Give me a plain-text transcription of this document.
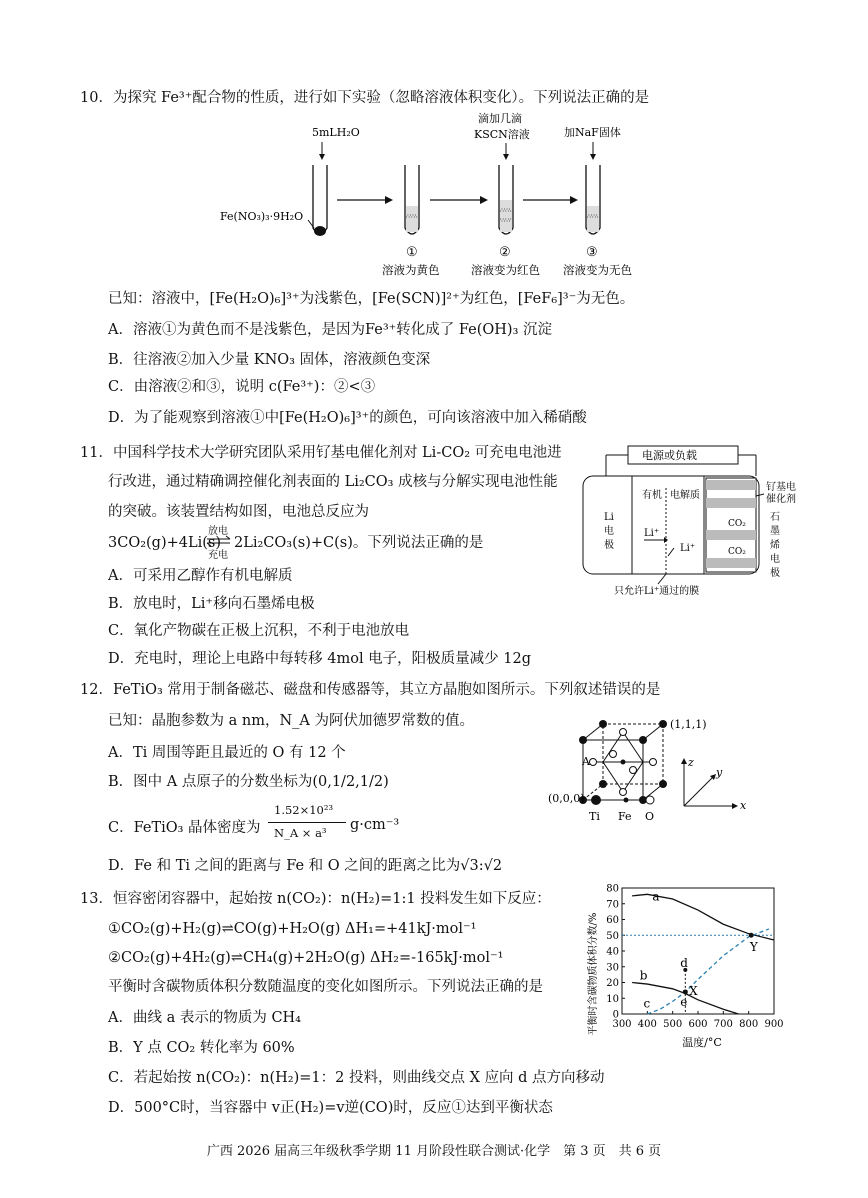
10．为探究 Fe³⁺配合物的性质，进行如下实验（忽略溶液体积变化）。下列说法正确的是
5mLH₂O
滴加几滴
KSCN溶液	加NaF固体
Fe(NO₃)₃·9H₂O	∴∵∴
∴∵∴
∵∴∵
∴∵∴
①	②	③
溶液为黄色	溶液变为红色 溶液变为无色
已知：溶液中，[Fe(H₂O)₆]³⁺为浅紫色，[Fe(SCN)]²⁺为红色，[FeF₆]³⁻为无色。
A．溶液①为黄色而不是浅紫色，是因为Fe³⁺转化成了 Fe(OH)₃ 沉淀
B．往溶液②加入少量 KNO₃ 固体，溶液颜色变深
C．由溶液②和③，说明 c(Fe³⁺)：②<③
D．为了能观察到溶液①中[Fe(H₂O)₆]³⁺的颜色，可向该溶液中加入稀硝酸
11．中国科学技术大学研究团队采用钌基电催化剂对 Li-CO₂ 可充电电池进
行改进，通过精确调控催化剂表面的 Li₂CO₃ 成核与分解实现电池性能
的突破。该装置结构如图，电池总反应为
3CO₂(g)+4Li(s)
放电
充电
2Li₂CO₃(s)+C(s)。下列说法正确的是
A．可采用乙醇作有机电解质
B．放电时，Li⁺移向石墨烯电极
C．氧化产物碳在正极上沉积，不利于电池放电
D．充电时，理论上电路中每转移 4mol 电子，阳极质量减少 12g
电源或负载
Li
电
极
有机 电解质
Li⁺
Li⁺
CO₂
CO₂
钌基电
催化剂
石
墨
烯
电
极
只允许Li⁺通过的膜
12．FeTiO₃ 常用于制备磁芯、磁盘和传感器等，其立方晶胞如图所示。下列叙述错误的是
已知：晶胞参数为 a nm，N_A 为阿伏加德罗常数的值。
A．Ti 周围等距且最近的 O 有 12 个
B．图中 A 点原子的分数坐标为(0,1/2,1/2)
C．FeTiO₃ 晶体密度为
1.52×10²³
N_A × a³ g·cm⁻³
D．Fe 和 Ti 之间的距离与 Fe 和 O 之间的距离之比为√3:√2
(1,1,1)
(0,0,0)
A
x
z
y
Ti Fe O
13．恒容密闭容器中，起始按 n(CO₂)：n(H₂)=1:1 投料发生如下反应：
①CO₂(g)+H₂(g)⇌CO(g)+H₂O(g) ΔH₁=+41kJ·mol⁻¹
②CO₂(g)+4H₂(g)⇌CH₄(g)+2H₂O(g) ΔH₂=-165kJ·mol⁻¹
平衡时含碳物质体积分数随温度的变化如图所示。下列说法正确的是
A．曲线 a 表示的物质为 CH₄
B．Y 点 CO₂ 转化率为 60%
C．若起始按 n(CO₂)：n(H₂)=1：2 投料，则曲线交点 X 应向 d 点方向移动
D．500°C时，当容器中 v正(H₂)=v逆(CO)时，反应①达到平衡状态
0
10
20
30
40
50
60
70
80
300 400 500 600 700 800 900
a
b
c
d
e
X
Y
平衡时含碳物质体积分数/%
温度/°C
广西 2026 届高三年级秋季学期 11 月阶段性联合测试·化学　第 3 页　共 6 页
